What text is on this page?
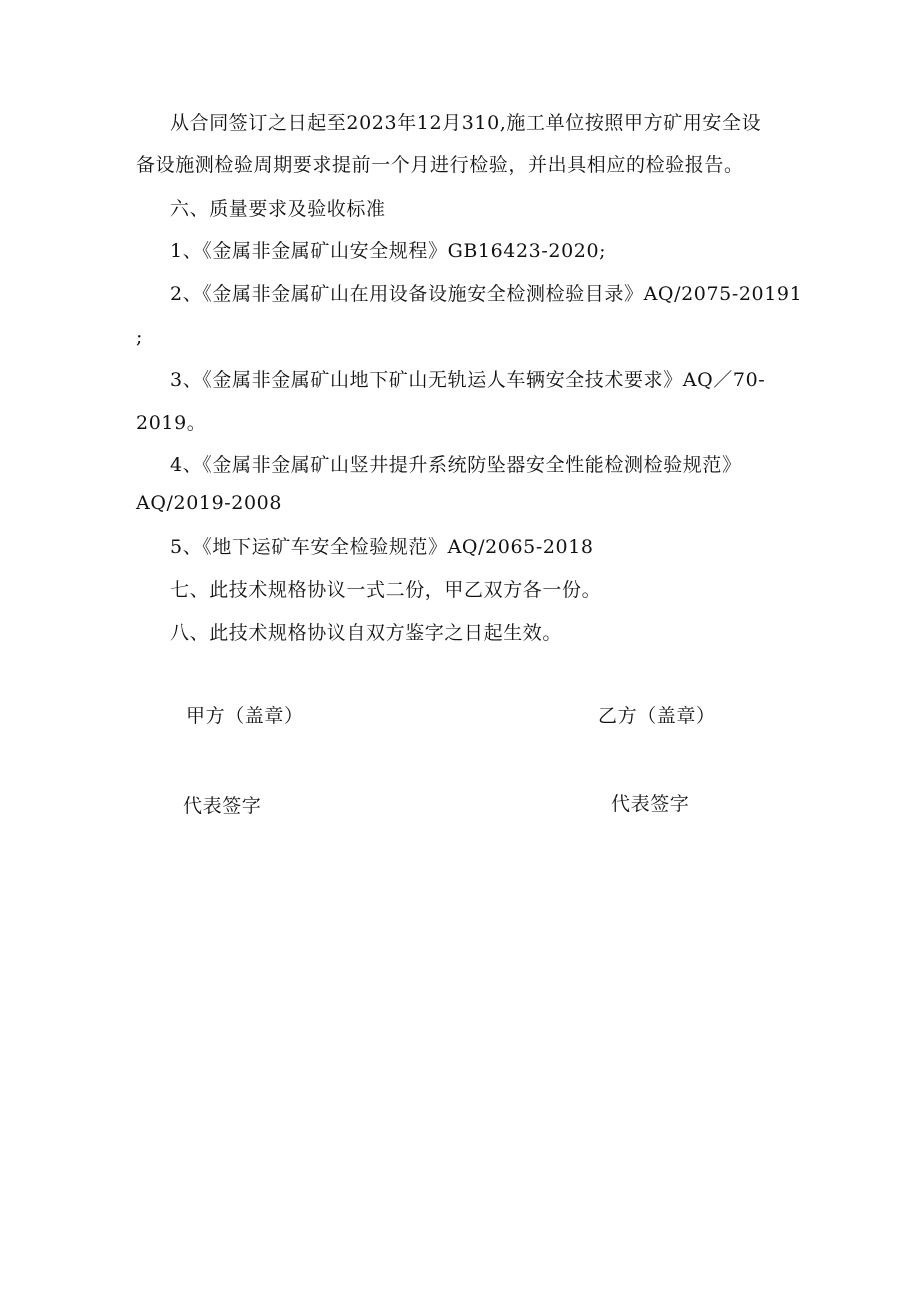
从合同签订之日起至2023年12月310,施工单位按照甲方矿用安全设
备设施测检验周期要求提前一个月进行检验，并出具相应的检验报告。
六、质量要求及验收标准
1、《金属非金属矿山安全规程》GB16423-2020;
2、《金属非金属矿山在用设备设施安全检测检验目录》AQ/2075-20191
;
3、《金属非金属矿山地下矿山无轨运人车辆安全技术要求》AQ／70-
2019。
4、《金属非金属矿山竖井提升系统防坠器安全性能检测检验规范》
AQ/2019-2008
5、《地下运矿车安全检验规范》AQ/2065-2018
七、此技术规格协议一式二份，甲乙双方各一份。
八、此技术规格协议自双方鉴字之日起生效。
甲方（盖章）	乙方（盖章）
代表签字	代表签字
